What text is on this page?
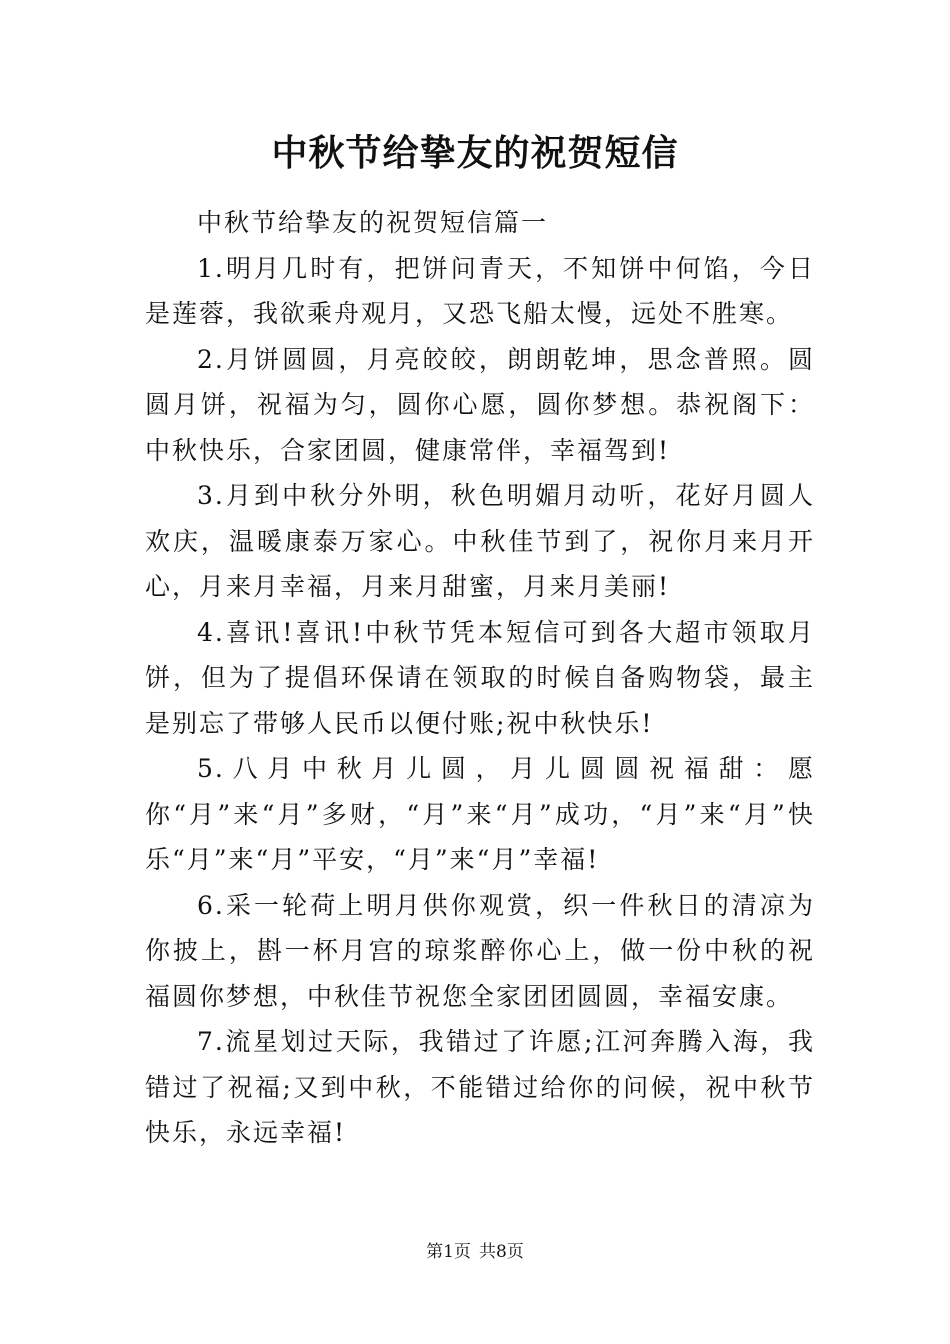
中秋节给挚友的祝贺短信

中秋节给挚友的祝贺短信篇一

1.明月几时有，把饼问青天，不知饼中何馅，今日是莲蓉，我欲乘舟观月，又恐飞船太慢，远处不胜寒。

2.月饼圆圆，月亮皎皎，朗朗乾坤，思念普照。圆圆月饼，祝福为匀，圆你心愿，圆你梦想。恭祝阁下：中秋快乐，合家团圆，健康常伴，幸福驾到!

3.月到中秋分外明，秋色明媚月动听，花好月圆人欢庆，温暖康泰万家心。中秋佳节到了，祝你月来月开心，月来月幸福，月来月甜蜜，月来月美丽!

4.喜讯!喜讯!中秋节凭本短信可到各大超市领取月饼，但为了提倡环保请在领取的时候自备购物袋，最主是别忘了带够人民币以便付账;祝中秋快乐!

5.八月中秋月儿圆，月儿圆圆祝福甜：愿你“月”来“月”多财，“月”来“月”成功，“月”来“月”快乐“月”来“月”平安，“月”来“月”幸福!

6.采一轮荷上明月供你观赏，织一件秋日的清凉为你披上，斟一杯月宫的琼浆醉你心上，做一份中秋的祝福圆你梦想，中秋佳节祝您全家团团圆圆，幸福安康。

7.流星划过天际，我错过了许愿;江河奔腾入海，我错过了祝福;又到中秋，不能错过给你的问候，祝中秋节快乐，永远幸福!

第1页 共8页
